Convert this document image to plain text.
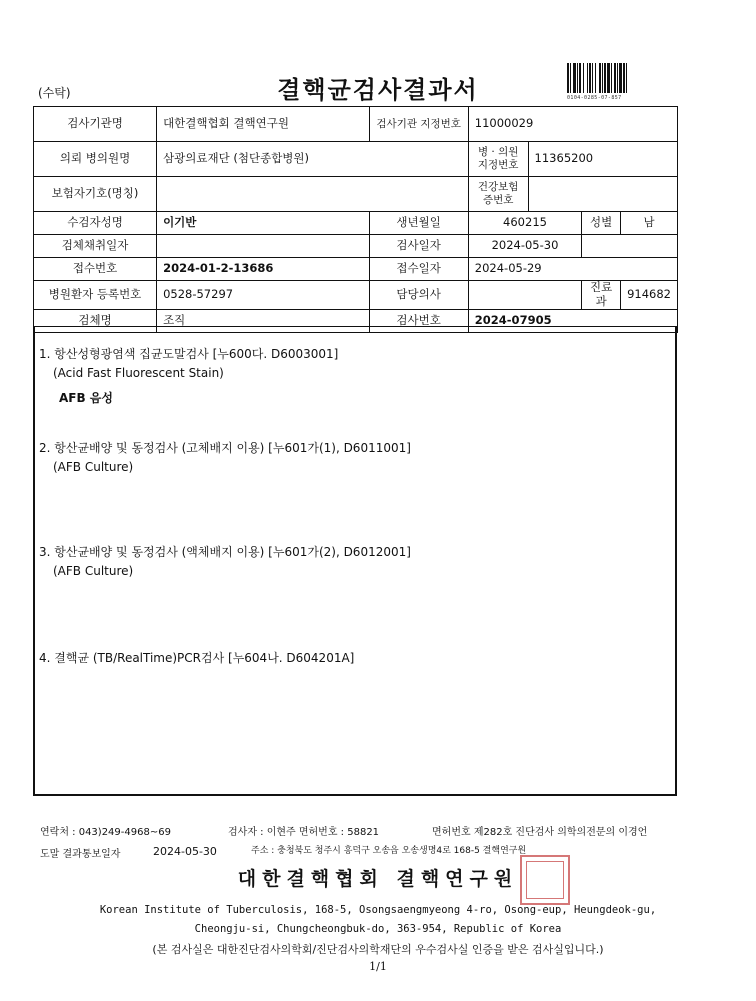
(수탁)	결핵균검사결과서	0104-0285-07-857
검사기관명	대한결핵협회 결핵연구원	검사기관 지정번호	11000029			
의뢰 병의원명	삼광의료재단 (첨단종합병원)		병 · 의원 지정번호	11365200		
보험자기호(명칭)			건강보험 증번호			
수검자성명	이기반	생년월일	460215		성별	남
검체채취일자		검사일자	2024-05-30			
접수번호	2024-01-2-13686	접수일자	2024-05-29			
병원환자 등록번호	0528-57297	담당의사			진료과	914682
검체명	조직	검사번호	2024-07905			
1. 항산성형광염색 집균도말검사 [누600다. D6003001]
(Acid Fast Fluorescent Stain)
AFB 음성
2. 항산균배양 및 동정검사 (고체배지 이용) [누601가(1), D6011001]
(AFB Culture)
3. 항산균배양 및 동정검사 (액체배지 이용) [누601가(2), D6012001]
(AFB Culture)
4. 결핵균 (TB/RealTime)PCR검사 [누604나. D604201A]
연락처 : 043)249-4968~69	검사자 : 이현주 면허번호 : 58821	면허번호 제282호 진단검사 의학의전문의 이경언
도말 결과통보일자	2024-05-30	주소 : 충청북도 청주시 흥덕구 오송읍 오송생명4로 168-5 결핵연구원
대한결핵협회 결핵연구원
Korean Institute of Tuberculosis, 168-5, Osongsaengmyeong 4-ro, Osong-eup, Heungdeok-gu,
Cheongju-si, Chungcheongbuk-do, 363-954, Republic of Korea
(본 검사실은 대한진단검사의학회/진단검사의학재단의 우수검사실 인증을 받은 검사실입니다.)
1/1
